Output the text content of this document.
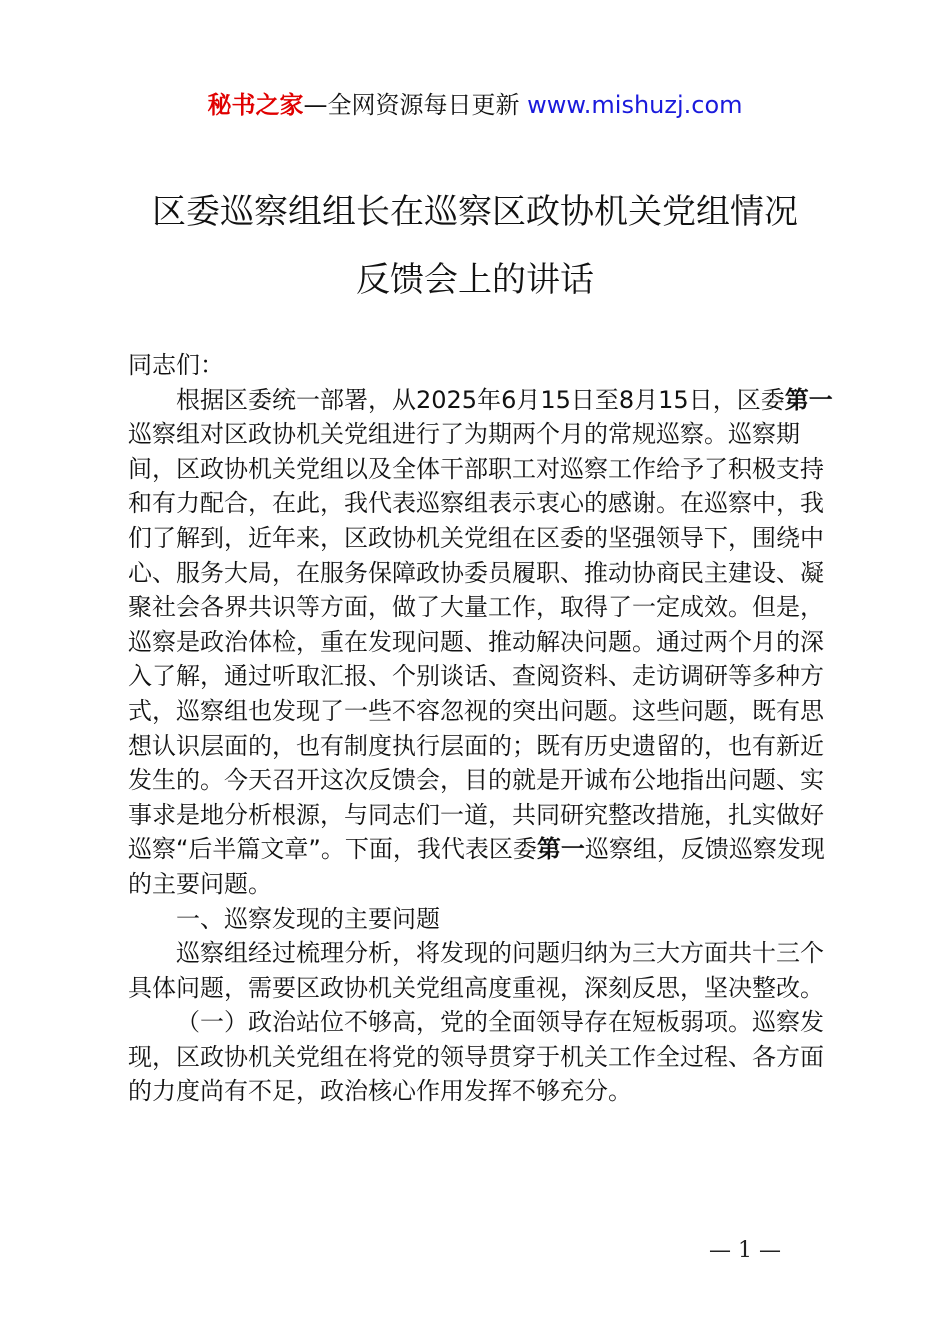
秘书之家—全网资源每日更新 www.mishuzj.com
区委巡察组组长在巡察区政协机关党组情况
反馈会上的讲话

同志们：

根据区委统一部署，从2025年6月15日至8月15日，区委第一巡察组对区政协机关党组进行了为期两个月的常规巡察。巡察期间，区政协机关党组以及全体干部职工对巡察工作给予了积极支持和有力配合，在此，我代表巡察组表示衷心的感谢。在巡察中，我们了解到，近年来，区政协机关党组在区委的坚强领导下，围绕中心、服务大局，在服务保障政协委员履职、推动协商民主建设、凝聚社会各界共识等方面，做了大量工作，取得了一定成效。但是，巡察是政治体检，重在发现问题、推动解决问题。通过两个月的深入了解，通过听取汇报、个别谈话、查阅资料、走访调研等多种方式，巡察组也发现了一些不容忽视的突出问题。这些问题，既有思想认识层面的，也有制度执行层面的；既有历史遗留的，也有新近发生的。今天召开这次反馈会，目的就是开诚布公地指出问题、实事求是地分析根源，与同志们一道，共同研究整改措施，扎实做好巡察“后半篇文章”。下面，我代表区委第一巡察组，反馈巡察发现的主要问题。

一、巡察发现的主要问题

巡察组经过梳理分析，将发现的问题归纳为三大方面共十三个具体问题，需要区政协机关党组高度重视，深刻反思，坚决整改。

（一）政治站位不够高，党的全面领导存在短板弱项。巡察发现，区政协机关党组在将党的领导贯穿于机关工作全过程、各方面的力度尚有不足，政治核心作用发挥不够充分。

— 1 —
